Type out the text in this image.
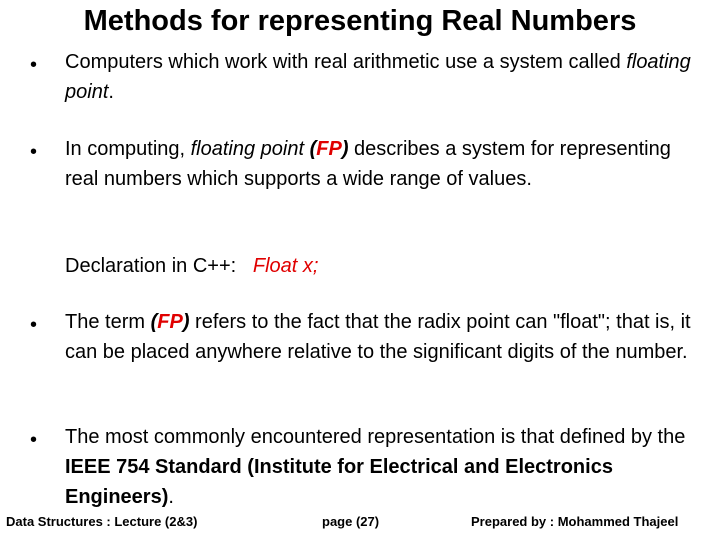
Methods for representing Real Numbers
• Computers which work with real arithmetic use a system called floating point.
• In computing, floating point (FP) describes a system for representing real numbers which supports a wide range of values.
Declaration in C++: Float x;
• The term (FP) refers to the fact that the radix point can "float"; that is, it can be placed anywhere relative to the significant digits of the number.
• The most commonly encountered representation is that defined by the IEEE 754 Standard (Institute for Electrical and Electronics Engineers).
Data Structures : Lecture (2&3)	page (27)	Prepared by : Mohammed Thajeel
